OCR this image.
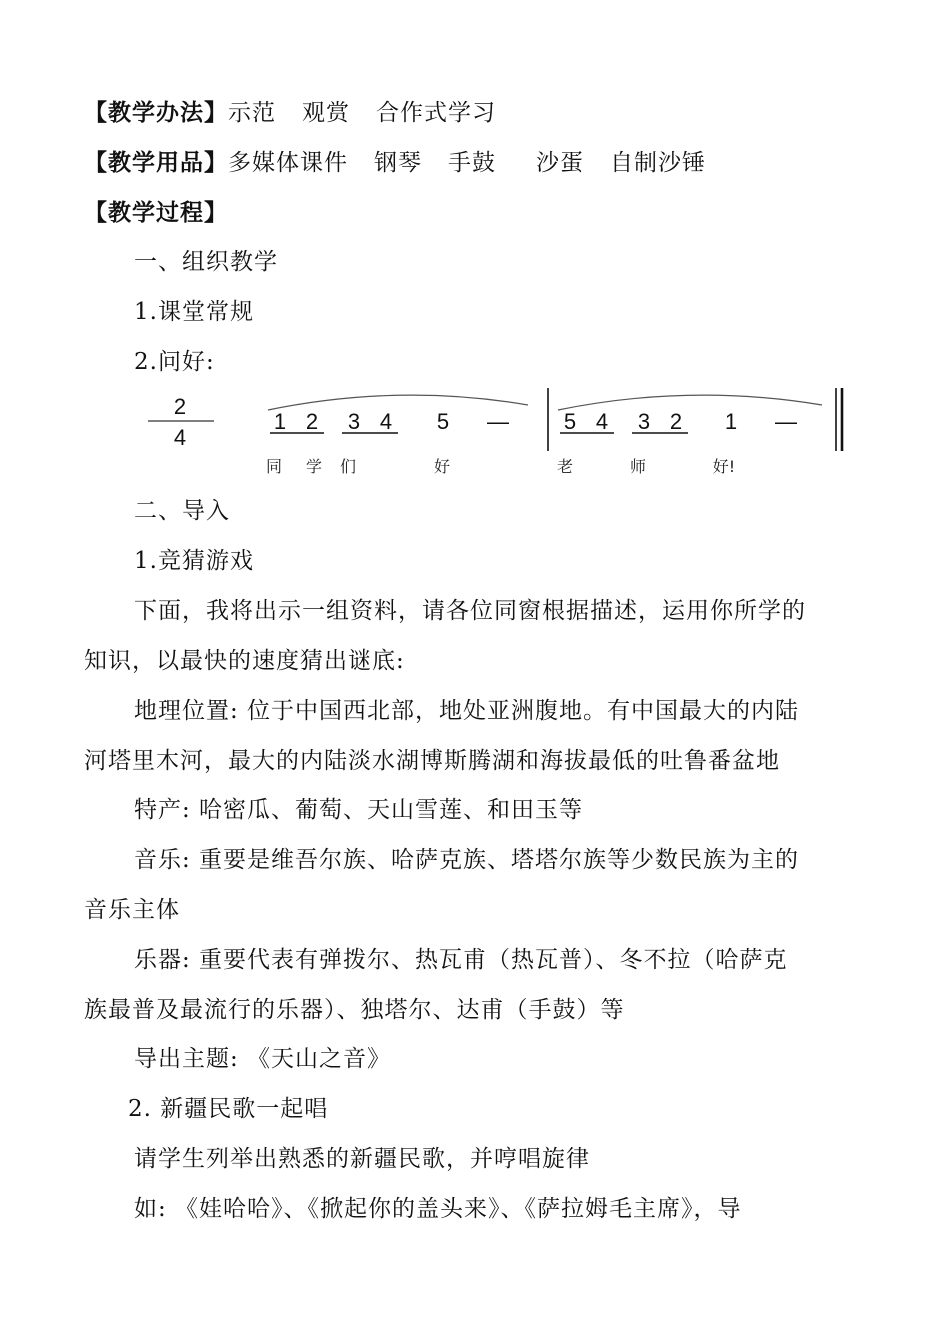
【教学办法】示范 观赏 合作式学习
【教学用品】多媒体课件 钢琴 手鼓 沙蛋 自制沙锤
【教学过程】
一、组织教学
1.课堂常规
2.问好:
2
4
1 2 3 4 5 — 5 4 3 2 1 —
同 学 们	好	老	师	好!
二、导入
1.竞猜游戏
下面，我将出示一组资料，请各位同窗根据描述，运用你所学的
知识，以最快的速度猜出谜底:
地理位置: 位于中国西北部，地处亚洲腹地。有中国最大的内陆
河塔里木河，最大的内陆淡水湖博斯腾湖和海拔最低的吐鲁番盆地
特产: 哈密瓜、葡萄、天山雪莲、和田玉等
音乐: 重要是维吾尔族、哈萨克族、塔塔尔族等少数民族为主的
音乐主体
乐器: 重要代表有弹拨尔、热瓦甫（热瓦普）、冬不拉（哈萨克
族最普及最流行的乐器）、独塔尔、达甫（手鼓）等
导出主题: 《天山之音》
2. 新疆民歌一起唱
请学生列举出熟悉的新疆民歌，并哼唱旋律
如: 《娃哈哈》、《掀起你的盖头来》、《萨拉姆毛主席》，导
